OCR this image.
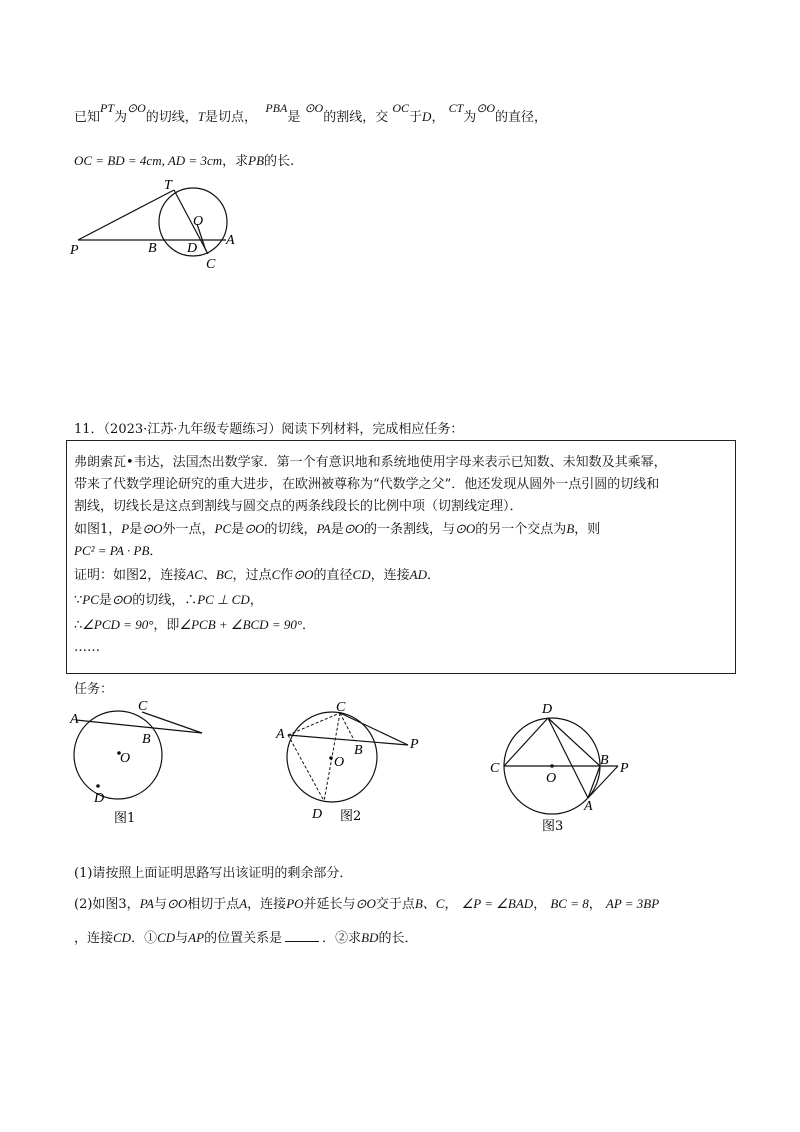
已知PT为⊙O的切线，T是切点，  PBA是 ⊙O的割线，交 OC于D， CT为⊙O的直径，
OC = BD = 4cm, AD = 3cm，求PB的长.
T
O
P	B D
A
C
11．（2023·江苏·九年级专题练习）阅读下列材料，完成相应任务：
弗朗索瓦•韦达，法国杰出数学家．第一个有意识地和系统地使用字母来表示已知数、未知数及其乘幂，
带来了代数学理论研究的重大进步，在欧洲被尊称为“代数学之父”．他还发现从圆外一点引圆的切线和
割线，切线长是这点到割线与圆交点的两条线段长的比例中项（切割线定理）．
如图1，P是⊙O外一点，PC是⊙O的切线，PA是⊙O的一条割线，与⊙O的另一个交点为B，则
PC² = PA · PB．
证明：如图2，连接AC、BC，过点C作⊙O的直径CD，连接AD．
∵PC是⊙O的切线，∴PC ⊥ CD，
∴∠PCD = 90°，即∠PCB + ∠BCD = 90°．
……
任务：
A
C
B
O
D
图1
A
C
B
O
D
P
图2
D
C
O
B
P
A
图3
(1)请按照上面证明思路写出该证明的剩余部分．
(2)如图3，PA与⊙O相切于点A，连接PO并延长与⊙O交于点B、C， ∠P = ∠BAD， BC = 8， AP = 3BP
，连接CD．①CD与AP的位置关系是	．②求BD的长．
